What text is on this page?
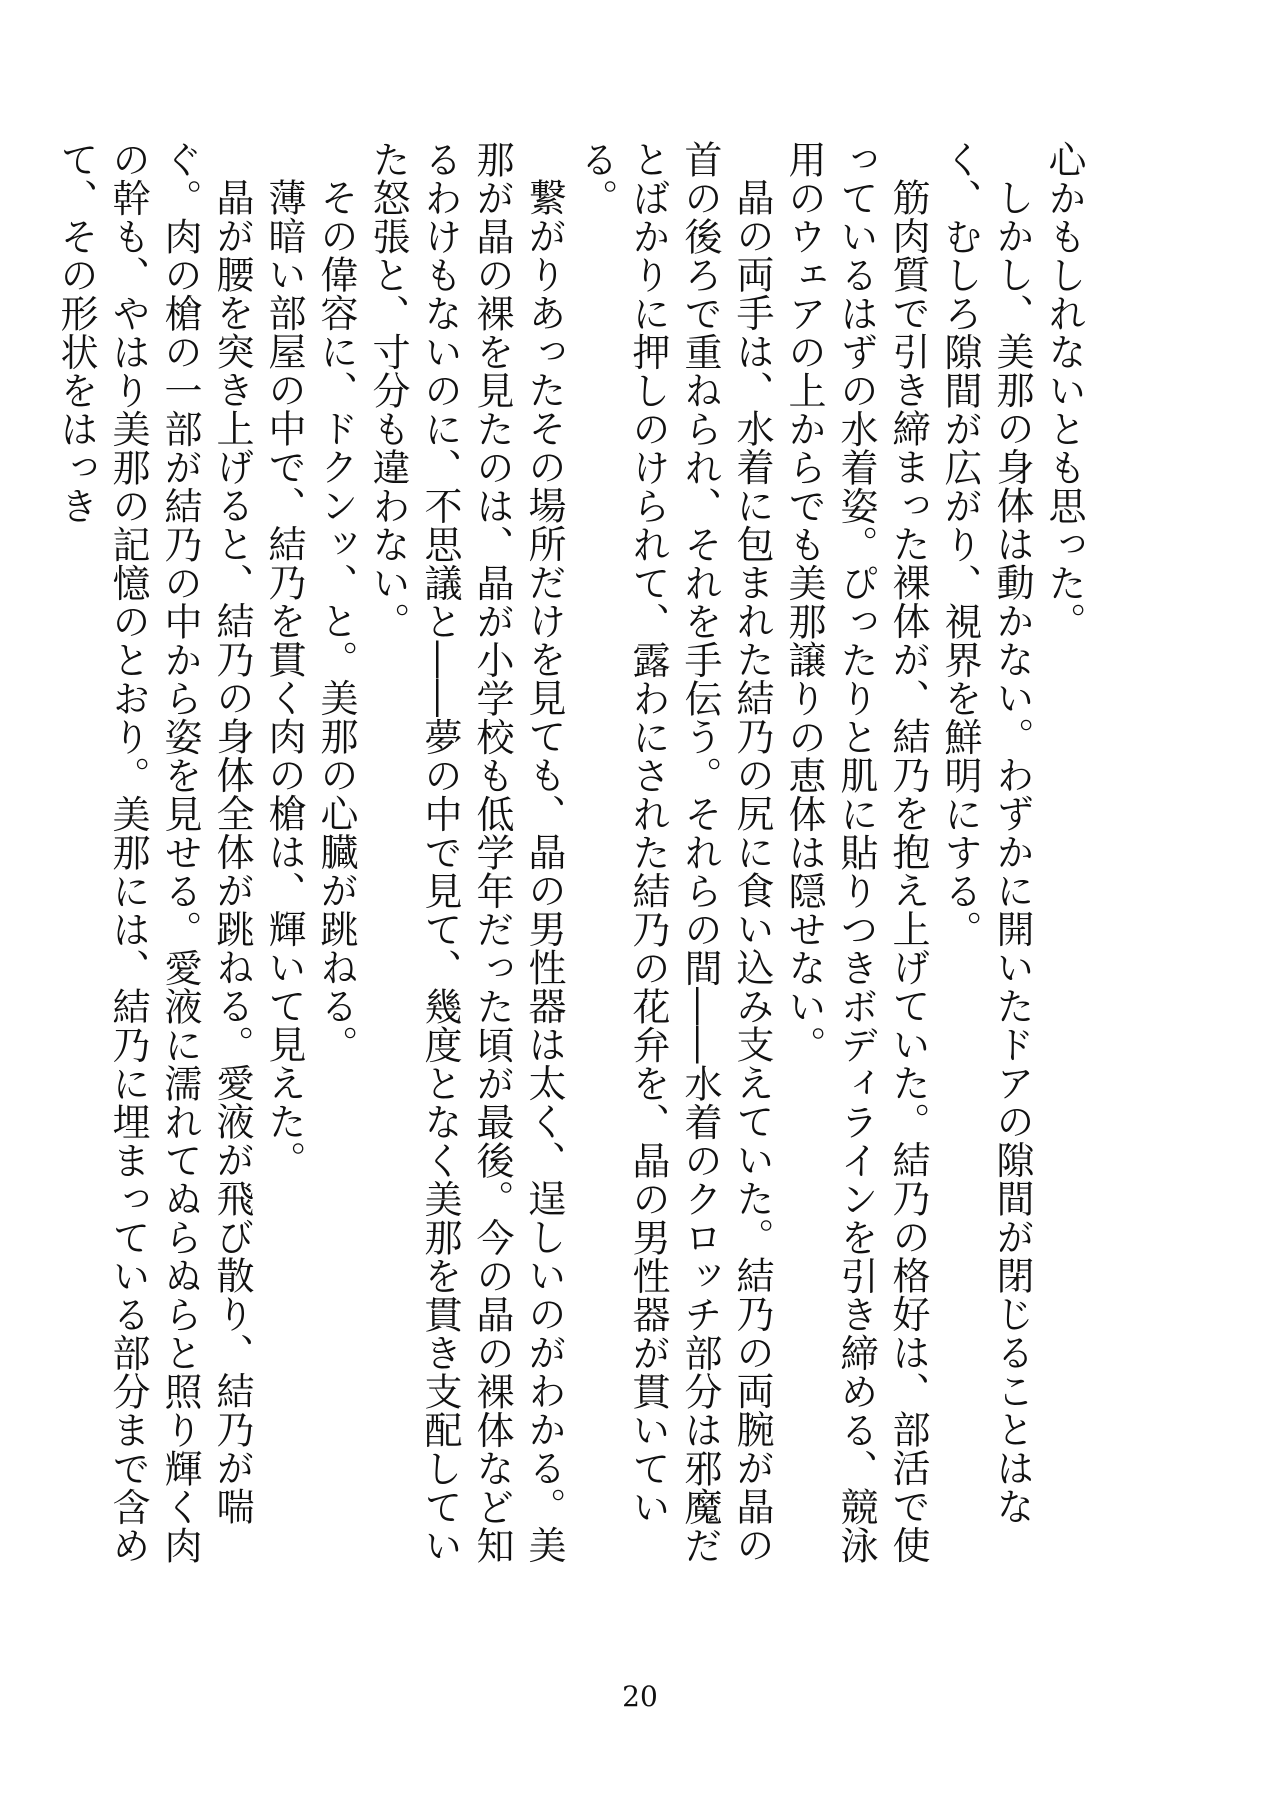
心かもしれないとも思った。

しかし、美那の身体は動かない。わずかに開いたドアの隙間が閉じることはなく、むしろ隙間が広がり、視界を鮮明にする。

筋肉質で引き締まった裸体が、結乃を抱え上げていた。結乃の格好は、部活で使っているはずの水着姿。ぴったりと肌に貼りつきボディラインを引き締める、競泳用のウェアの上からでも美那譲りの恵体は隠せない。

晶の両手は、水着に包まれた結乃の尻に食い込み支えていた。結乃の両腕が晶の首の後ろで重ねられ、それを手伝う。それらの間――水着のクロッチ部分は邪魔だとばかりに押しのけられて、露わにされた結乃の花弁を、晶の男性器が貫いている。

繋がりあったその場所だけを見ても、晶の男性器は太く、逞しいのがわかる。美那が晶の裸を見たのは、晶が小学校も低学年だった頃が最後。今の晶の裸体など知るわけもないのに、不思議と――夢の中で見て、幾度となく美那を貫き支配していた怒張と、寸分も違わない。

その偉容に、ドクンッ、と。美那の心臓が跳ねる。

薄暗い部屋の中で、結乃を貫く肉の槍は、輝いて見えた。

晶が腰を突き上げると、結乃の身体全体が跳ねる。愛液が飛び散り、結乃が喘ぐ。肉の槍の一部が結乃の中から姿を見せる。愛液に濡れてぬらぬらと照り輝く肉の幹も、やはり美那の記憶のとおり。美那には、結乃に埋まっている部分まで含めて、その形状をはっき

20
